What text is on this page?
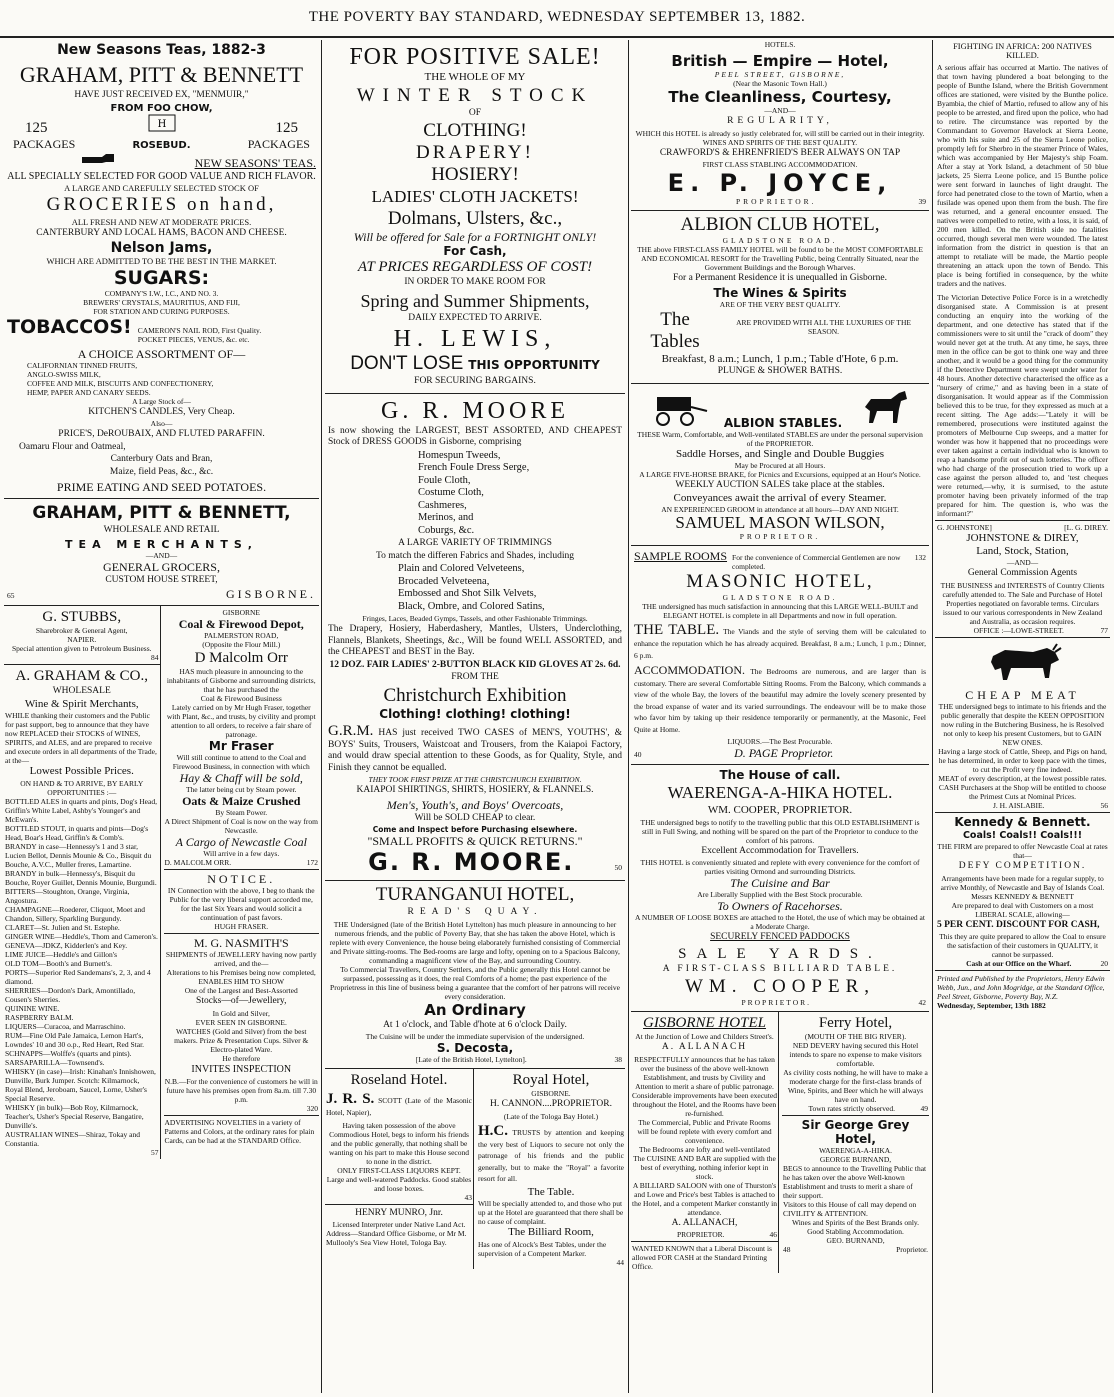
THE POVERTY BAY STANDARD, WEDNESDAY SEPTEMBER 13, 1882.
New Seasons Teas, 1882-3
GRAHAM, PITT & BENNETT
HAVE JUST RECEIVED EX, "MENMUIR,"
FROM FOO CHOW,
125	H	125
PACKAGES	ROSEBUD.	PACKAGES
NEW SEASONS' TEAS.
ALL SPECIALLY SELECTED FOR GOOD VALUE AND RICH FLAVOR.
A LARGE AND CAREFULLY SELECTED STOCK OF
GROCERIES on hand,
ALL FRESH AND NEW AT MODERATE PRICES.
CANTERBURY AND LOCAL HAMS, BACON AND CHEESE.
Nelson Jams,
WHICH ARE ADMITTED TO BE THE BEST IN THE MARKET.
SUGARS:
COMPANY'S I.W., I.C., AND NO. 3.
BREWERS' CRYSTALS, MAURITIUS, AND FIJI,
FOR STATION AND CURING PURPOSES.
TOBACCOS! CAMERON'S NAIL ROD, First Quality.
POCKET PIECES, VENUS, &c. etc.
A CHOICE ASSORTMENT OF—
CALIFORNIAN TINNED FRUITS,
ANGLO-SWISS MILK,
COFFEE AND MILK, BISCUITS AND CONFECTIONERY,
HEMP, PAPER AND CANARY SEEDS.
A Large Stock of—
KITCHEN'S CANDLES, Very Cheap.
Also—
PRICE'S, DeROUBAIX, AND FLUTED PARAFFIN.
Oamaru Flour and Oatmeal,
Canterbury Oats and Bran,
Maize, field Peas, &c., &c.
PRIME EATING AND SEED POTATOES.
GRAHAM, PITT & BENNETT,
WHOLESALE AND RETAIL
TEA MERCHANTS,
—AND—
GENERAL GROCERS,
CUSTOM HOUSE STREET,
65	GISBORNE.
G. STUBBS,
Sharebroker & General Agent,
NAPIER.
Special attention given to Petroleum Business.
84
A. GRAHAM & CO.,
WHOLESALE
Wine & Spirit Merchants,
WHILE thanking their customers and the Public for past support, beg to announce that they have now REPLACED their STOCKS of WINES, SPIRITS, and ALES, and are prepared to receive and execute orders in all departments of the Trade, at the—
Lowest Possible Prices.
ON HAND & TO ARRIVE, BY EARLY OPPORTUNITIES :—
BOTTLED ALES in quarts and pints, Dog's Head, Griffin's White Label, Ashby's Younger's and McEwan's.
BOTTLED STOUT, in quarts and pints—Dog's Head, Boar's Head, Griffin's & Comb's.
BRANDY in case—Hennessy's 1 and 3 star, Lucien Bellot, Dennis Mounie & Co., Bisquit du Bouche, A.V.C., Muller freres, Lamartine.
BRANDY in bulk—Hennessy's, Bisquit du Bouche, Royer Guillet, Dennis Mounie, Burgundi.
BITTERS—Stoughton, Orange, Virginia, Angostura.
CHAMPAGNE—Roederer, Cliquot, Moet and Chandon, Sillery, Sparkling Burgundy.
CLARET—St. Julien and St. Estephe.
GINGER WINE—Heddle's, Thom and Cameron's.
GENEVA—JDKZ, Kidderlen's and Key.
LIME JUICE—Heddle's and Gillon's
OLD TOM—Booth's and Burnett's.
PORTS—Superior Red Sandemans's, 2, 3, and 4 diamond.
SHERRIES—Dordon's Dark, Amontillado, Cousen's Sherries.
QUININE WINE.
RASPBERRY BALM.
LIQUERS—Curacoa, and Marraschino.
RUM—Fine Old Pale Jamaica, Lemon Hart's, Lowndes' 10 and 30 o.p., Red Heart, Red Star.
SCHNAPPS—Wolffe's (quarts and pints).
SARSAPARILLA—Townsend's.
WHISKY (in case)—Irish: Kinahan's Innishowen, Dunville, Burk Jumper. Scotch: Kilmarnock, Royal Blend, Jeroboam, Saucel, Lorne, Usher's Special Reserve.
WHISKY (in bulk)—Bob Roy, Kilmarnock, Teacher's, Usher's Special Reserve, Bangatire, Dunville's.
AUSTRALIAN WINES—Shiraz, Tokay and Constantia.
57
GISBORNE
Coal & Firewood Depot,
PALMERSTON ROAD,
(Opposite the Flour Mill.)
D Malcolm Orr
HAS much pleasure in announcing to the inhabitants of Gisborne and surrounding districts, that he has purchased the
Coal & Firewood Business
Lately carried on by Mr Hugh Fraser, together with Plant, &c., and trusts, by civility and prompt attention to all orders, to receive a fair share of patronage.
Mr Fraser
Will still continue to attend to the Coal and Firewood Business, in connection with which
Hay & Chaff will be sold,
The latter being cut by Steam power.
Oats & Maize Crushed
By Steam Power.
A Direct Shipment of Coal is now on the way from Newcastle.
A Cargo of Newcastle Coal
Will arrive in a few days.
D. MALCOLM ORR.	172
NOTICE.
IN Connection with the above, I beg to thank the Public for the very liberal support accorded me, for the last Six Years and would solicit a continuation of past favors.
HUGH FRASER.
M. G. NASMITH'S
SHIPMENTS of JEWELLERY having now partly arrived, and the—
Alterations to his Premises being now completed,
ENABLES HIM TO SHOW
One of the Largest and Best-Assorted
Stocks—of—Jewellery,
In Gold and Silver,
EVER SEEN IN GISBORNE.
WATCHES (Gold and Silver) from the best makers. Prize & Presentation Cups. Silver & Electro-plated Ware.
He therefore
INVITES INSPECTION
N.B.—For the convenience of customers he will in future have his premises open from 8a.m. till 7.30 p.m.
320
ADVERTISING NOVELTIES in a variety of Patterns and Colors, at the ordinary rates for plain Cards, can be had at the STANDARD Office.
FOR POSITIVE SALE!
THE WHOLE OF MY
WINTER STOCK
OF
CLOTHING!
DRAPERY!
HOSIERY!
LADIES' CLOTH JACKETS!
Dolmans, Ulsters, &c.,
Will be offered for Sale for a FORTNIGHT ONLY!
For Cash,
AT PRICES REGARDLESS OF COST!
IN ORDER TO MAKE ROOM FOR
Spring and Summer Shipments,
DAILY EXPECTED TO ARRIVE.
H. LEWIS,
DON'T LOSE THIS OPPORTUNITY
FOR SECURING BARGAINS.
G. R. MOORE
Is now showing the LARGEST, BEST ASSORTED, AND CHEAPEST Stock of DRESS GOODS in Gisborne, comprising
Homespun Tweeds,
French Foule Dress Serge,
Foule Cloth,
Costume Cloth,
Cashmeres,
Merinos, and
Coburgs, &c.
A LARGE VARIETY OF TRIMMINGS
To match the differen Fabrics and Shades, including
Plain and Colored Velveteens,
Brocaded Velveteena,
Embossed and Shot Silk Velvets,
Black, Ombre, and Colored Satins,
Fringes, Laces, Beaded Gymps, Tassels, and other Fashionable Trimmings.
The Drapery, Hosiery, Haberdashery, Mantles, Ulsters, Underclothing, Flannels, Blankets, Sheetings, &c., Will be found WELL ASSORTED, and the CHEAPEST and BEST in the Bay.
12 DOZ. FAIR LADIES' 2-BUTTON BLACK KID GLOVES AT 2s. 6d.
FROM THE
Christchurch Exhibition
Clothing! clothing! clothing!
G.R.M. HAS just received TWO CASES of MEN'S, YOUTHS', & BOYS' Suits, Trousers, Waistcoat and Trousers, from the Kaiapoi Factory, and would draw special attention to these Goods, as for Quality, Style, and Finish they cannot be equalled.
THEY TOOK FIRST PRIZE AT THE CHRISTCHURCH EXHIBITION.
KAIAPOI SHIRTINGS, SHIRTS, HOSIERY, & FLANNELS.
Men's, Youth's, and Boys' Overcoats,
Will be SOLD CHEAP to clear.
Come and Inspect before Purchasing elsewhere.
"SMALL PROFITS & QUICK RETURNS."
G. R. MOORE.	50
TURANGANUI HOTEL,
READ'S QUAY.
THE Undersigned (late of the British Hotel Lyttelton) has much pleasure in announcing to her numerous friends, and the public of Poverty Bay, that she has taken the above Hotel, which is replete with every Convenience, the house being elaborately furnished consisting of Commercial and Private sitting-rooms. The Bed-rooms are large and lofty, opening on to a Spacious Balcony, commanding a magnificent view of the Bay, and surrounding Country.
To Commercial Travellers, Country Settlers, and the Public generally this Hotel cannot be surpassed, possessing as it does, the real Comforts of a home; the past experience of the Proprietress in this line of business being a guarantee that the comfort of her patrons will receive every consideration.
An Ordinary
At 1 o'clock, and Table d'hote at 6 o'clock Daily.
The Cuisine will be under the immediate supervision of the undersigned.
S. Decosta,
[Late of the British Hotel, Lyttelton].	38
Roseland Hotel.
J. R. S. SCOTT (Late of the Masonic Hotel, Napier),
Having taken possession of the above Commodious Hotel, begs to inform his friends and the public generally, that nothing shall be wanting on his part to make this House second to none in the district.
ONLY FIRST-CLASS LIQUORS KEPT.
Large and well-watered Paddocks. Good stables and loose boxes.
43
HENRY MUNRO, Jnr.
Licensed Interpreter under Native Land Act.
Address—Standard Office Gisborne, or Mr M. Mullooly's Sea View Hotel, Tologa Bay.
Royal Hotel,
GISBORNE.
H. CANNON....PROPRIETOR.
(Late of the Tologa Bay Hotel.)
H.C. TRUSTS by attention and keeping the very best of Liquors to secure not only the patronage of his friends and the public generally, but to make the "Royal" a favorite resort for all.
The Table.
Will be specially attended to, and those who put up at the Hotel are guaranteed that there shall be no cause of complaint.
The Billiard Room,
Has one of Alcock's Best Tables, under the supervision of a Competent Marker.
44
HOTELS.
British — Empire — Hotel,
PEEL STREET, GISBORNE,
(Near the Masonic Town Hall.)
The Cleanliness, Courtesy,
—AND—
REGULARITY,
WHICH this HOTEL is already so justly celebrated for, will still be carried out in their integrity.
WINES AND SPIRITS OF THE BEST QUALITY.
CRAWFORD'S & EHRENFRIED'S BEER ALWAYS ON TAP
FIRST CLASS STABLING ACCOMMODATION.
E. P. JOYCE,
PROPRIETOR.	39
ALBION CLUB HOTEL,
GLADSTONE ROAD.
THE above FIRST-CLASS FAMILY HOTEL will be found to be the MOST COMFORTABLE AND ECONOMICAL RESORT for the Travelling Public, being Centrally Situated, near the Government Buildings and the Borough Wharves.
For a Permanent Residence it is unequalled in Gisborne.
The Wines & Spirits
ARE OF THE VERY BEST QUALITY.
The Tables
ARE PROVIDED WITH ALL THE LUXURIES OF THE SEASON.
Breakfast, 8 a.m.; Lunch, 1 p.m.; Table d'Hote, 6 p.m.
PLUNGE & SHOWER BATHS.
ALBION STABLES.
THESE Warm, Comfortable, and Well-ventilated STABLES are under the personal supervision of the PROPRIETOR.
Saddle Horses, and Single and Double Buggies
May be Procured at all Hours.
A LARGE FIVE-HORSE BRAKE, for Picnics and Excursions, equipped at an Hour's Notice.
WEEKLY AUCTION SALES take place at the stables.
Conveyances await the arrival of every Steamer.
AN EXPERIENCED GROOM in attendance at all hours—DAY AND NIGHT.
SAMUEL MASON WILSON,
PROPRIETOR.
SAMPLE ROOMS For the convenience of Commercial Gentlemen are now completed.
132
MASONIC HOTEL,
GLADSTONE ROAD.
THE undersigned has much satisfaction in announcing that this LARGE WELL-BUILT and ELEGANT HOTEL is complete in all Departments and now in full operation.
THE TABLE. The Viands and the style of serving them will be calculated to enhance the reputation which he has already acquired. Breakfast, 8 a.m.; Lunch, 1 p.m.; Dinner, 6 p.m.
ACCOMMODATION. The Bedrooms are numerous, and are larger than is customary. There are several Comfortable Sitting Rooms. From the Balcony, which commands a view of the whole Bay, the lovers of the beautiful may admire the lovely scenery presented by the broad expanse of water and its varied surroundings. The endeavour will be to make those who favor him by taking up their residence temporarily or permanently, at the Masonic, Feel Quite at Home.
LIQUORS.—The Best Procurable.
40	D. PAGE Proprietor.
The House of call.
WAERENGA-A-HIKA HOTEL.
WM. COOPER, PROPRIETOR.
THE undersigned begs to notify to the travelling public that this OLD ESTABLISHMENT is still in Full Swing, and nothing will be spared on the part of the Proprietor to conduce to the comfort of his patrons.
Excellent Accommodation for Travellers.
THIS HOTEL is conveniently situated and replete with every convenience for the comfort of parties visiting Ormond and surrounding Districts.
The Cuisine and Bar
Are Liberally Supplied with the Best Stock procurable.
To Owners of Racehorses.
A NUMBER OF LOOSE BOXES are attached to the Hotel, the use of which may be obtained at a Moderate Charge.
SECURELY FENCED PADDOCKS
SALE YARDS.
A FIRST-CLASS BILLIARD TABLE.
WM. COOPER,
PROPRIETOR.	42
GISBORNE HOTEL
At the Junction of Lowe and Childers Street's.
A. ALLANACH
RESPECTFULLY announces that he has taken over the business of the above well-known Establishment, and trusts by Civility and Attention to merit a share of public patronage.
Considerable improvements have been executed throughout the Hotel, and the Rooms have been re-furnished.
The Commercial, Public and Private Rooms will be found replete with every comfort and convenience.
The Bedrooms are lofty and well-ventilated
The CUISINE AND BAR are supplied with the best of everything, nothing inferior kept in stock.
A BILLIARD SALOON with one of Thurston's and Lowe and Price's best Tables is attached to the Hotel, and a competent Marker constantly in attendance.
A. ALLANACH,
PROPRIETOR.	46
WANTED KNOWN that a Liberal Discount is allowed FOR CASH at the Standard Printing Office.
Ferry Hotel,
(MOUTH OF THE BIG RIVER).
NED DEVERY having secured this Hotel intends to spare no expense to make visitors comfortable.
As civility costs nothing, he will have to make a moderate charge for the first-class brands of Wine, Spirits, and Beer which he will always have on hand.
Town rates strictly observed.	49
Sir George Grey Hotel,
WAERENGA-A-HIKA.
GEORGE BURNAND,
BEGS to announce to the Travelling Public that he has taken over the above Well-known Establishment and trusts to merit a share of their support.
Visitors to this House of call may depend on CIVILITY & ATTENTION.
Wines and Spirits of the Best Brands only.
Good Stabling Accommodation.
GEO. BURNAND,
48	Proprietor.
FIGHTING IN AFRICA: 200 NATIVES KILLED.
A serious affair has occurred at Martio. The natives of that town having plundered a boat belonging to the people of Bunthe Island, where the British Government offices are stationed, were visited by the Bunthe police. Byambia, the chief of Martio, refused to allow any of his people to be arrested, and fired upon the police, who had to retire. The circumstance was reported by the Commandant to Governor Havelock at Sierra Leone, who with his suite and 25 of the Sierra Leone police, promptly left for Sherbro in the steamer Prince of Wales, which was accompanied by Her Majesty's ship Foam. After a stay at York Island, a detachment of 50 blue jackets, 25 Sierra Leone police, and 15 Bunthe police were sent forward in launches of light draught. The force had penetrated close to the town of Martio, when a fusilade was opened upon them from the bush. The fire was returned, and a general encounter ensued. The natives were compelled to retire, with a loss, it is said, of 200 men killed. On the British side no fatalities occurred, though several men were wounded. The latest information from the district in question is that an attempt to retaliate will be made, the Martio people threatening an attack upon the town of Bendo. This place is being fortified in consequence, by the white traders and the natives.
The Victorian Detective Police Force is in a wretchedly disorganised state. A Commission is at present conducting an enquiry into the working of the department, and one detective has stated that if the commissioners were to sit until the "crack of doom" they would never get at the truth. At any time, he says, three men in the office can be got to think one way and three another, and it would be a good thing for the community if the Detective Department were swept under water for 48 hours. Another detective characterised the office as a "nursery of crime," and as having been in a state of disorganisation. It would appear as if the Commission believed this to be true, for they expressed as much at a recent sitting. The Age adds:—"Lately it will be remembered, prosecutions were instituted against the promoters of Melbourne Cup sweeps, and a matter for wonder was how it happened that no proceedings were ever taken against a certain individual who is known to reap a handsome profit out of such lotteries. The officer who had charge of the prosecution tried to work up a case against the person alluded to, and 'test cheques were returned,—why, it is surmised, to the astute promoter having been privately informed of the trap prepared for him. The question is, who was the informant?"
G. JOHNSTONE]	[L. G. DIREY.
JOHNSTONE & DIREY,
Land, Stock, Station,
—AND—
General Commission Agents
THE BUSINESS and INTERESTS of Country Clients carefully attended to. The Sale and Purchase of Hotel Properties negotiated on favorable terms. Circulars issued to our various correspondents in New Zealand and Australia, as occasion requires.
OFFICE :—LOWE-STREET.	77
CHEAP MEAT
THE undersigned begs to intimate to his friends and the public generally that despite the KEEN OPPOSITION now ruling in the Butchering Business, he is Resolved not only to keep his present Customers, but to GAIN NEW ONES.
Having a large stock of Cattle, Sheep, and Pigs on hand, he has determined, in order to keep pace with the times, to cut the Profit very fine indeed.
MEAT of every description, at the lowest possible rates.
CASH Purchasers at the Shop will be entitled to choose the Primest Cuts at Nominal Prices.
J. H. AISLABIE.	56
Kennedy & Bennett.
Coals! Coals!! Coals!!!
THE FIRM are prepared to offer Newcastle Coal at rates that—
DEFY COMPETITION.
Arrangements have been made for a regular supply, to arrive Monthly, of Newcastle and Bay of Islands Coal.
Messrs KENNEDY & BENNETT
Are prepared to deal with Customers on a most LIBERAL SCALE, allowing—
5 PER CENT. DISCOUNT FOR CASH,
This they are quite prepared to allow the Coal to ensure the satisfaction of their customers in QUALITY, it cannot be surpassed.
Cash at our Office on the Wharf.	20
Printed and Published by the Proprietors, Henry Edwin Webb, Jun., and John Mogridge, at the Standard Office, Peel Street, Gisborne, Poverty Bay, N.Z.
Wednesday, September, 13th 1882
